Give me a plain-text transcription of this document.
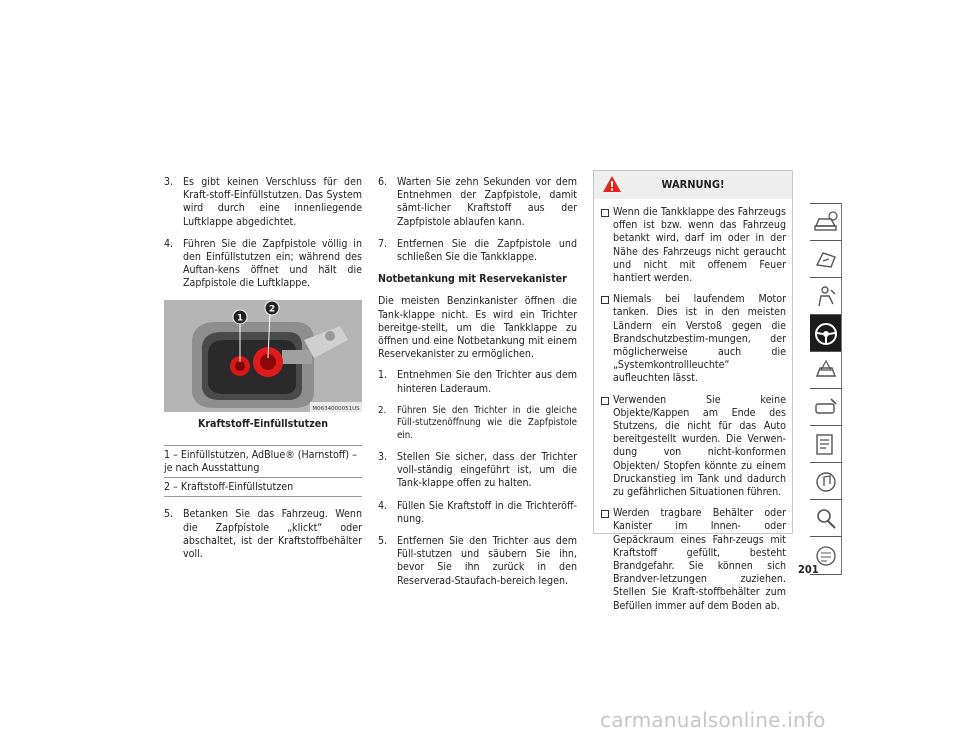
3. Es gibt keinen Verschluss für den Kraft-stoff-Einfüllstutzen. Das System wird durch eine innenliegende Luftklappe abgedichtet.
4. Führen Sie die Zapfpistole völlig in den Einfüllstutzen ein; während des Auftan-kens öffnet und hält die Zapfpistole die Luftklappe.
1
2
M0634000051US
Kraftstoff-Einfüllstutzen
1 – Einfüllstutzen, AdBlue® (Harnstoff) – je nach Ausstattung
2 – Kraftstoff-Einfüllstutzen
5. Betanken Sie das Fahrzeug. Wenn die Zapfpistole „klickt“ oder abschaltet, ist der Kraftstoffbehälter voll.
6. Warten Sie zehn Sekunden vor dem Entnehmen der Zapfpistole, damit sämt-licher Kraftstoff aus der Zapfpistole ablaufen kann.
7. Entfernen Sie die Zapfpistole und schließen Sie die Tankklappe.

Notbetankung mit Reservekanister

Die meisten Benzinkanister öffnen die Tank-klappe nicht. Es wird ein Trichter bereitge-stellt, um die Tankklappe zu öffnen und eine Notbetankung mit einem Reservekanister zu ermöglichen.

1. Entnehmen Sie den Trichter aus dem hinteren Laderaum.
2. Führen Sie den Trichter in die gleiche Füll-stutzenöffnung wie die Zapfpistole ein.
3. Stellen Sie sicher, dass der Trichter voll-ständig eingeführt ist, um die Tank-klappe offen zu halten.
4. Füllen Sie Kraftstoff in die Trichteröff-nung.
5. Entfernen Sie den Trichter aus dem Füll-stutzen und säubern Sie ihn, bevor Sie ihn zurück in den Reserverad-Staufach-bereich legen.
WARNUNG!
Wenn die Tankklappe des Fahrzeugs offen ist bzw. wenn das Fahrzeug betankt wird, darf im oder in der Nähe des Fahrzeugs nicht geraucht und nicht mit offenem Feuer hantiert werden.
Niemals bei laufendem Motor tanken. Dies ist in den meisten Ländern ein Verstoß gegen die Brandschutzbestim-mungen, der möglicherweise auch die „Systemkontrollleuchte“ aufleuchten lässt.
Verwenden Sie keine Objekte/Kappen am Ende des Stutzens, die nicht für das Auto bereitgestellt wurden. Die Verwen-dung von nicht-konformen Objekten/ Stopfen könnte zu einem Druckanstieg im Tank und dadurch zu gefährlichen Situationen führen.
Werden tragbare Behälter oder Kanister im Innen- oder Gepäckraum eines Fahr-zeugs mit Kraftstoff gefüllt, besteht Brandgefahr. Sie können sich Brandver-letzungen zuziehen. Stellen Sie Kraft-stoffbehälter zum Befüllen immer auf dem Boden ab.
201
carmanualsonline.info
